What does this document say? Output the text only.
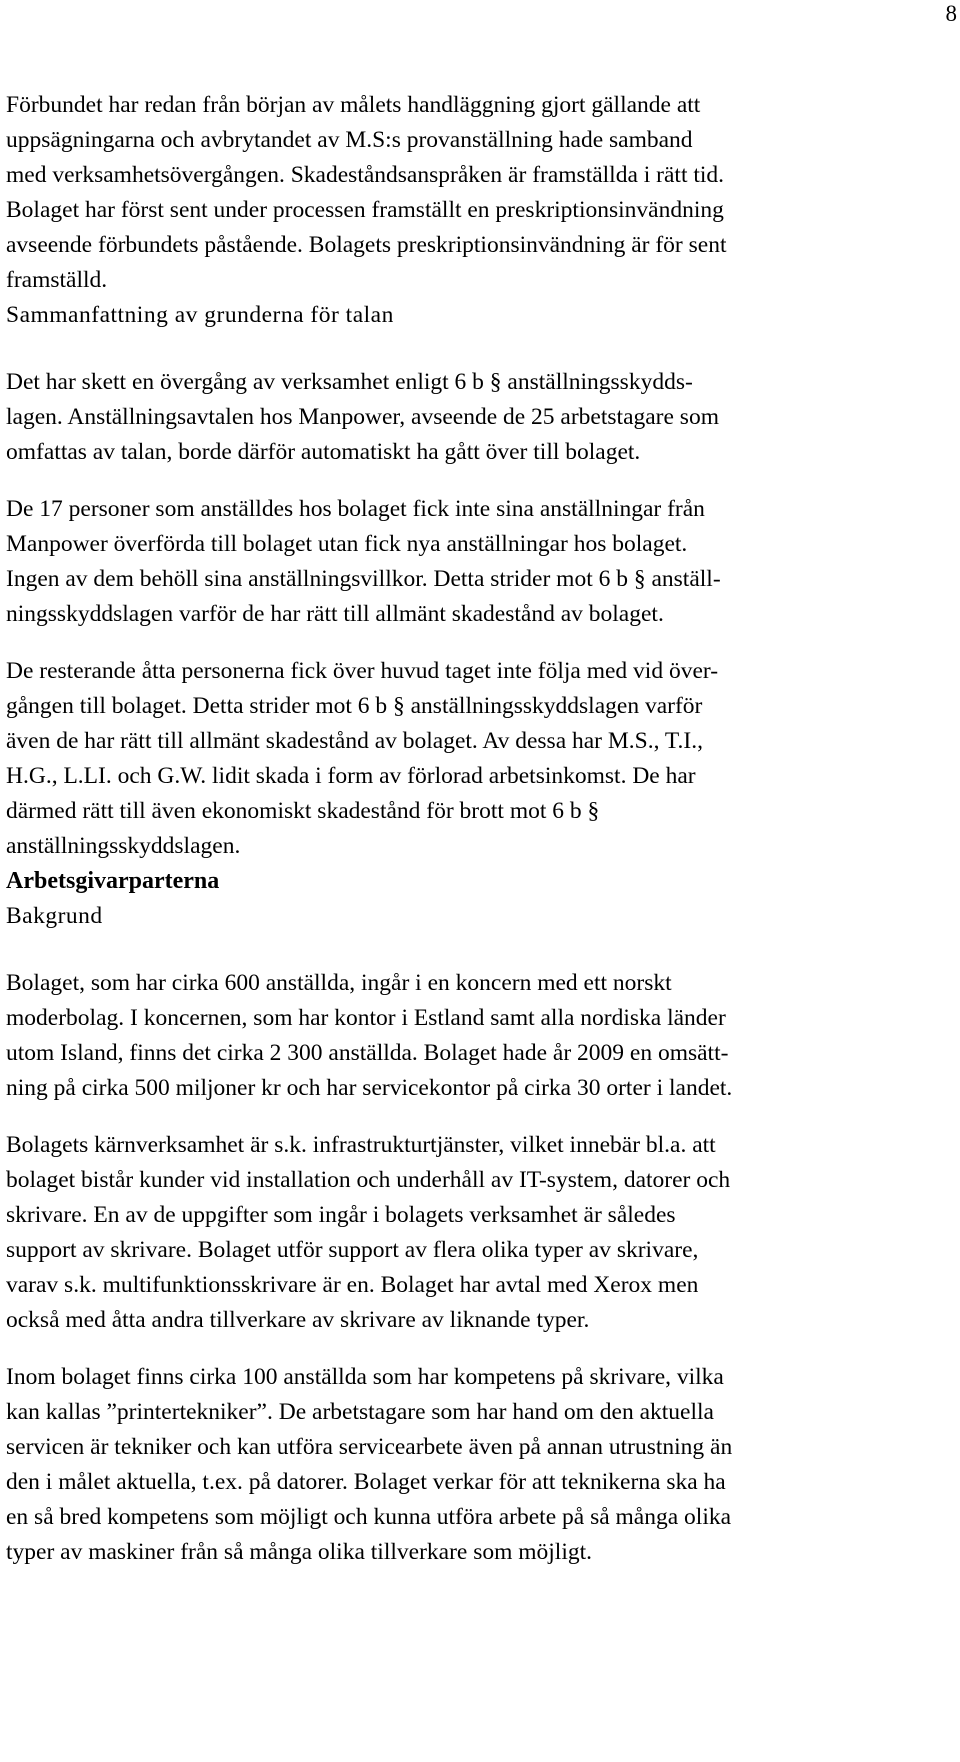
8

Förbundet har redan från början av målets handläggning gjort gällande att
uppsägningarna och avbrytandet av M.S:s provanställning hade samband
med verksamhetsövergången. Skadeståndsanspråken är framställda i rätt tid.
Bolaget har först sent under processen framställt en preskriptionsinvändning
avseende förbundets påstående. Bolagets preskriptionsinvändning är för sent
framställd.

Sammanfattning av grunderna för talan

Det har skett en övergång av verksamhet enligt 6 b § anställningsskydds-
lagen. Anställningsavtalen hos Manpower, avseende de 25 arbetstagare som
omfattas av talan, borde därför automatiskt ha gått över till bolaget.

De 17 personer som anställdes hos bolaget fick inte sina anställningar från
Manpower överförda till bolaget utan fick nya anställningar hos bolaget.
Ingen av dem behöll sina anställningsvillkor. Detta strider mot 6 b § anställ-
ningsskyddslagen varför de har rätt till allmänt skadestånd av bolaget.

De resterande åtta personerna fick över huvud taget inte följa med vid över-
gången till bolaget. Detta strider mot 6 b § anställningsskyddslagen varför
även de har rätt till allmänt skadestånd av bolaget. Av dessa har M.S., T.I.,
H.G., L.LI. och G.W. lidit skada i form av förlorad arbetsinkomst. De har
därmed rätt till även ekonomiskt skadestånd för brott mot 6 b §
anställningsskyddslagen.

Arbetsgivarparterna

Bakgrund

Bolaget, som har cirka 600 anställda, ingår i en koncern med ett norskt
moderbolag. I koncernen, som har kontor i Estland samt alla nordiska länder
utom Island, finns det cirka 2 300 anställda. Bolaget hade år 2009 en omsätt-
ning på cirka 500 miljoner kr och har servicekontor på cirka 30 orter i landet.

Bolagets kärnverksamhet är s.k. infrastrukturtjänster, vilket innebär bl.a. att
bolaget bistår kunder vid installation och underhåll av IT-system, datorer och
skrivare. En av de uppgifter som ingår i bolagets verksamhet är således
support av skrivare. Bolaget utför support av flera olika typer av skrivare,
varav s.k. multifunktionsskrivare är en. Bolaget har avtal med Xerox men
också med åtta andra tillverkare av skrivare av liknande typer.

Inom bolaget finns cirka 100 anställda som har kompetens på skrivare, vilka
kan kallas ”printertekniker”. De arbetstagare som har hand om den aktuella
servicen är tekniker och kan utföra servicearbete även på annan utrustning än
den i målet aktuella, t.ex. på datorer. Bolaget verkar för att teknikerna ska ha
en så bred kompetens som möjligt och kunna utföra arbete på så många olika
typer av maskiner från så många olika tillverkare som möjligt.
